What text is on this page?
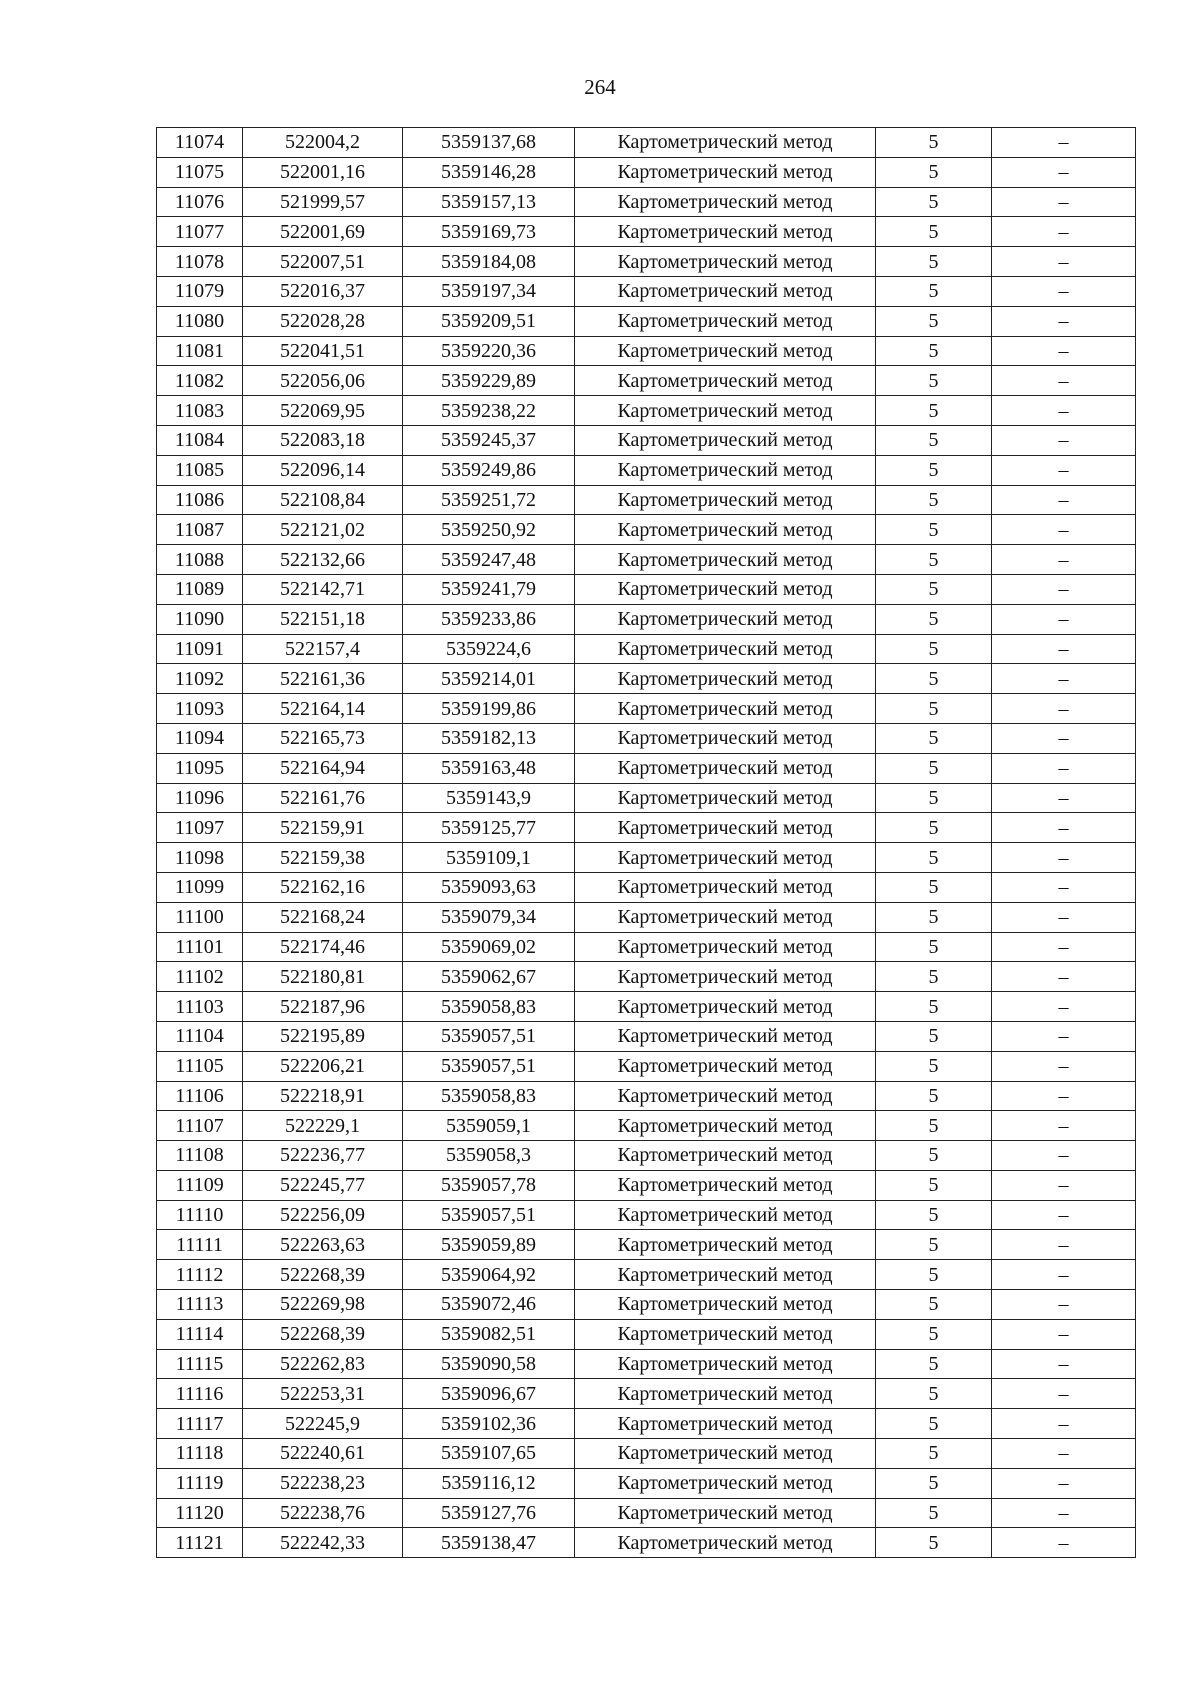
264
11074	522004,2	5359137,68	Картометрический метод	5	–
11075	522001,16	5359146,28	Картометрический метод	5	–
11076	521999,57	5359157,13	Картометрический метод	5	–
11077	522001,69	5359169,73	Картометрический метод	5	–
11078	522007,51	5359184,08	Картометрический метод	5	–
11079	522016,37	5359197,34	Картометрический метод	5	–
11080	522028,28	5359209,51	Картометрический метод	5	–
11081	522041,51	5359220,36	Картометрический метод	5	–
11082	522056,06	5359229,89	Картометрический метод	5	–
11083	522069,95	5359238,22	Картометрический метод	5	–
11084	522083,18	5359245,37	Картометрический метод	5	–
11085	522096,14	5359249,86	Картометрический метод	5	–
11086	522108,84	5359251,72	Картометрический метод	5	–
11087	522121,02	5359250,92	Картометрический метод	5	–
11088	522132,66	5359247,48	Картометрический метод	5	–
11089	522142,71	5359241,79	Картометрический метод	5	–
11090	522151,18	5359233,86	Картометрический метод	5	–
11091	522157,4	5359224,6	Картометрический метод	5	–
11092	522161,36	5359214,01	Картометрический метод	5	–
11093	522164,14	5359199,86	Картометрический метод	5	–
11094	522165,73	5359182,13	Картометрический метод	5	–
11095	522164,94	5359163,48	Картометрический метод	5	–
11096	522161,76	5359143,9	Картометрический метод	5	–
11097	522159,91	5359125,77	Картометрический метод	5	–
11098	522159,38	5359109,1	Картометрический метод	5	–
11099	522162,16	5359093,63	Картометрический метод	5	–
11100	522168,24	5359079,34	Картометрический метод	5	–
11101	522174,46	5359069,02	Картометрический метод	5	–
11102	522180,81	5359062,67	Картометрический метод	5	–
11103	522187,96	5359058,83	Картометрический метод	5	–
11104	522195,89	5359057,51	Картометрический метод	5	–
11105	522206,21	5359057,51	Картометрический метод	5	–
11106	522218,91	5359058,83	Картометрический метод	5	–
11107	522229,1	5359059,1	Картометрический метод	5	–
11108	522236,77	5359058,3	Картометрический метод	5	–
11109	522245,77	5359057,78	Картометрический метод	5	–
11110	522256,09	5359057,51	Картометрический метод	5	–
11111	522263,63	5359059,89	Картометрический метод	5	–
11112	522268,39	5359064,92	Картометрический метод	5	–
11113	522269,98	5359072,46	Картометрический метод	5	–
11114	522268,39	5359082,51	Картометрический метод	5	–
11115	522262,83	5359090,58	Картометрический метод	5	–
11116	522253,31	5359096,67	Картометрический метод	5	–
11117	522245,9	5359102,36	Картометрический метод	5	–
11118	522240,61	5359107,65	Картометрический метод	5	–
11119	522238,23	5359116,12	Картометрический метод	5	–
11120	522238,76	5359127,76	Картометрический метод	5	–
11121	522242,33	5359138,47	Картометрический метод	5	–
